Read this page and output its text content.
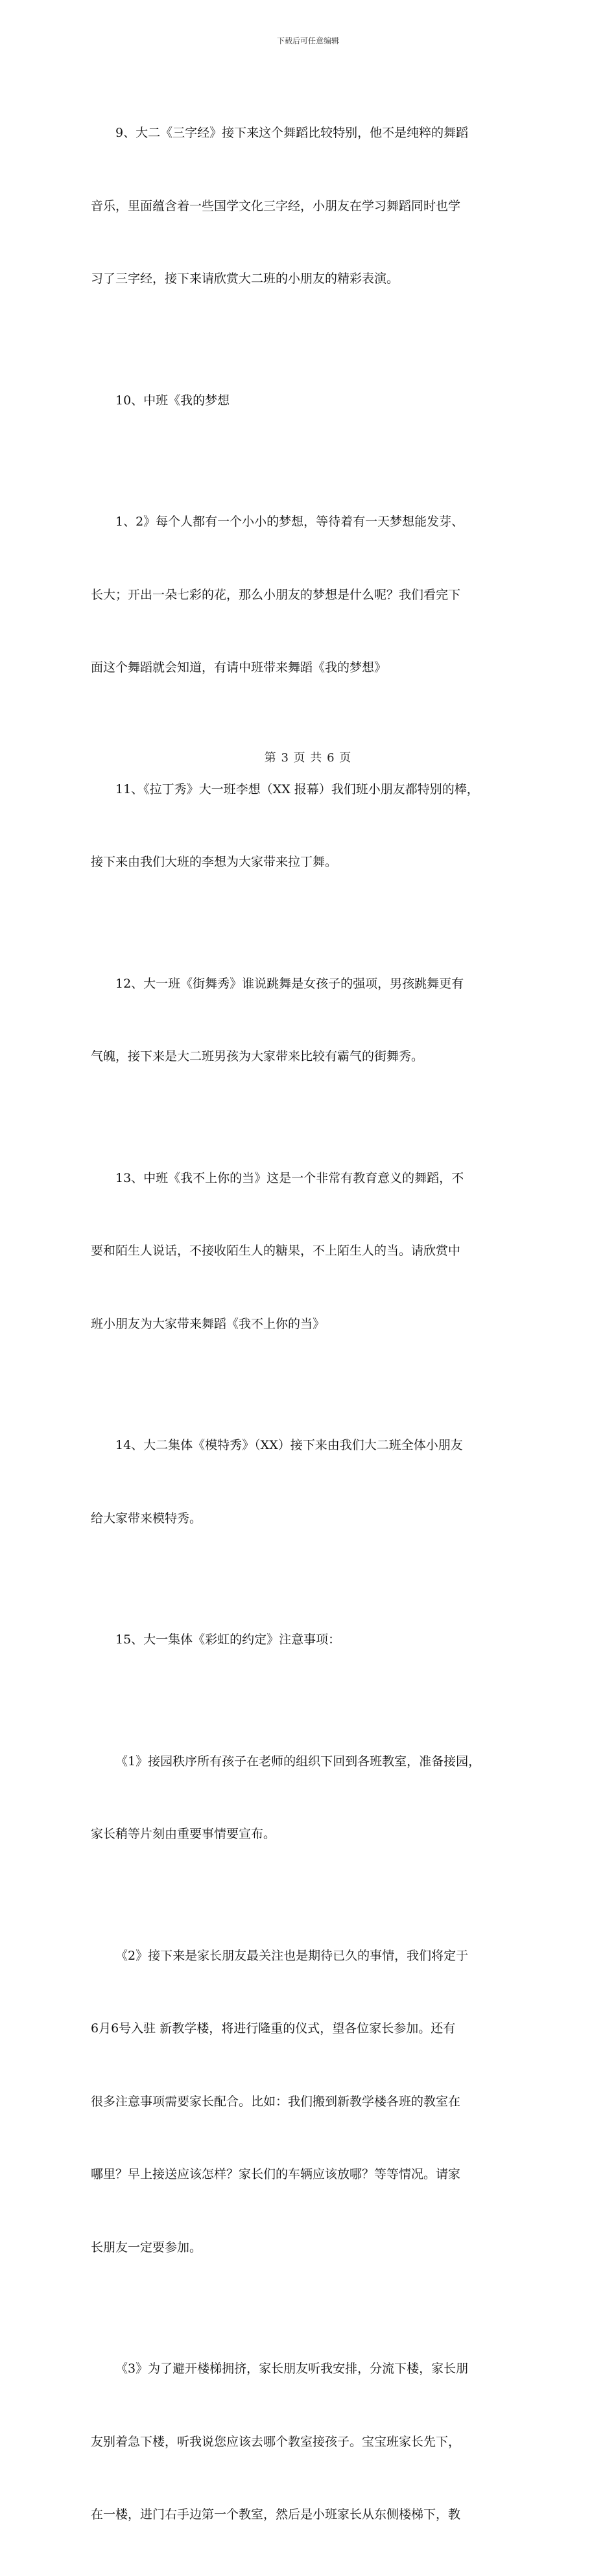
下载后可任意编辑

9、大二《三字经》接下来这个舞蹈比较特别，他不是纯粹的舞蹈

音乐，里面蕴含着一些国学文化三字经，小朋友在学习舞蹈同时也学

习了三字经，接下来请欣赏大二班的小朋友的精彩表演。

10、中班《我的梦想

1、2》每个人都有一个小小的梦想，等待着有一天梦想能发芽、

长大；开出一朵七彩的花，那么小朋友的梦想是什么呢？我们看完下

面这个舞蹈就会知道，有请中班带来舞蹈《我的梦想》

11、《拉丁秀》大一班李想（XX 报幕）我们班小朋友都特别的棒，

接下来由我们大班的李想为大家带来拉丁舞。

12、大一班《街舞秀》谁说跳舞是女孩子的强项，男孩跳舞更有

气魄，接下来是大二班男孩为大家带来比较有霸气的街舞秀。

13、中班《我不上你的当》这是一个非常有教育意义的舞蹈，不

要和陌生人说话，不接收陌生人的糖果，不上陌生人的当。请欣赏中

班小朋友为大家带来舞蹈《我不上你的当》

14、大二集体《模特秀》（XX）接下来由我们大二班全体小朋友

给大家带来模特秀。

15、大一集体《彩虹的约定》注意事项：

《1》接园秩序所有孩子在老师的组织下回到各班教室，准备接园，

家长稍等片刻由重要事情要宣布。

《2》接下来是家长朋友最关注也是期待已久的事情，我们将定于

6月6号入驻 新教学楼，将进行隆重的仪式，望各位家长参加。还有

很多注意事项需要家长配合。比如：我们搬到新教学楼各班的教室在

哪里？早上接送应该怎样？家长们的车辆应该放哪？等等情况。请家

长朋友一定要参加。

《3》为了避开楼梯拥挤，家长朋友听我安排，分流下楼，家长朋

友别着急下楼，听我说您应该去哪个教室接孩子。宝宝班家长先下，

在一楼，进门右手边第一个教室，然后是小班家长从东侧楼梯下，教

第 3 页 共 6 页
